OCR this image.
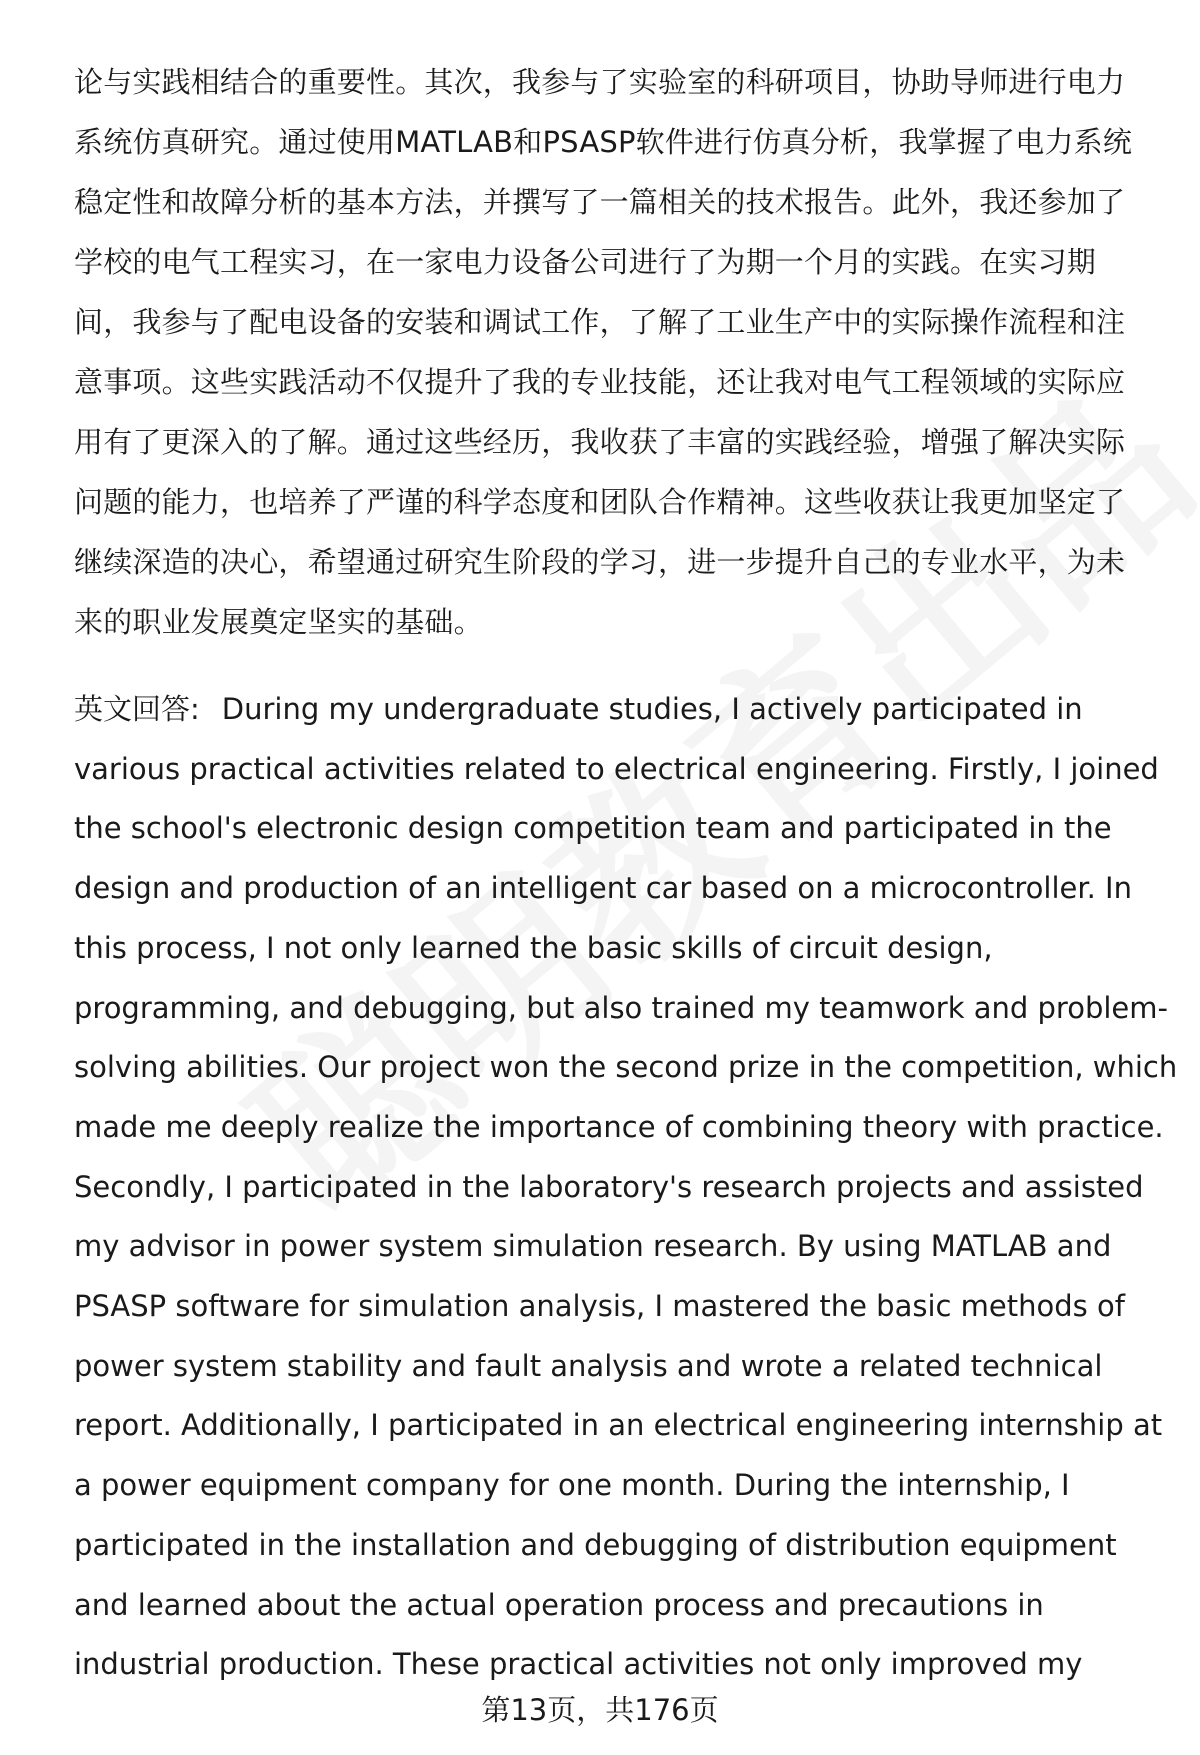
论与实践相结合的重要性。其次，我参与了实验室的科研项目，协助导师进行电力
系统仿真研究。通过使用MATLAB和PSASP软件进行仿真分析，我掌握了电力系统
稳定性和故障分析的基本方法，并撰写了一篇相关的技术报告。此外，我还参加了
学校的电气工程实习，在一家电力设备公司进行了为期一个月的实践。在实习期
间，我参与了配电设备的安装和调试工作，了解了工业生产中的实际操作流程和注
意事项。这些实践活动不仅提升了我的专业技能，还让我对电气工程领域的实际应
用有了更深入的了解。通过这些经历，我收获了丰富的实践经验，增强了解决实际
问题的能力，也培养了严谨的科学态度和团队合作精神。这些收获让我更加坚定了
继续深造的决心，希望通过研究生阶段的学习，进一步提升自己的专业水平，为未
来的职业发展奠定坚实的基础。
英文回答: During my undergraduate studies, I actively participated in
various practical activities related to electrical engineering. Firstly, I joined
the school's electronic design competition team and participated in the
design and production of an intelligent car based on a microcontroller. In
this process, I not only learned the basic skills of circuit design,
programming, and debugging, but also trained my teamwork and problem-
solving abilities. Our project won the second prize in the competition, which
made me deeply realize the importance of combining theory with practice.
Secondly, I participated in the laboratory's research projects and assisted
my advisor in power system simulation research. By using MATLAB and
PSASP software for simulation analysis, I mastered the basic methods of
power system stability and fault analysis and wrote a related technical
report. Additionally, I participated in an electrical engineering internship at
a power equipment company for one month. During the internship, I
participated in the installation and debugging of distribution equipment
and learned about the actual operation process and precautions in
industrial production. These practical activities not only improved my
第13页，共176页
